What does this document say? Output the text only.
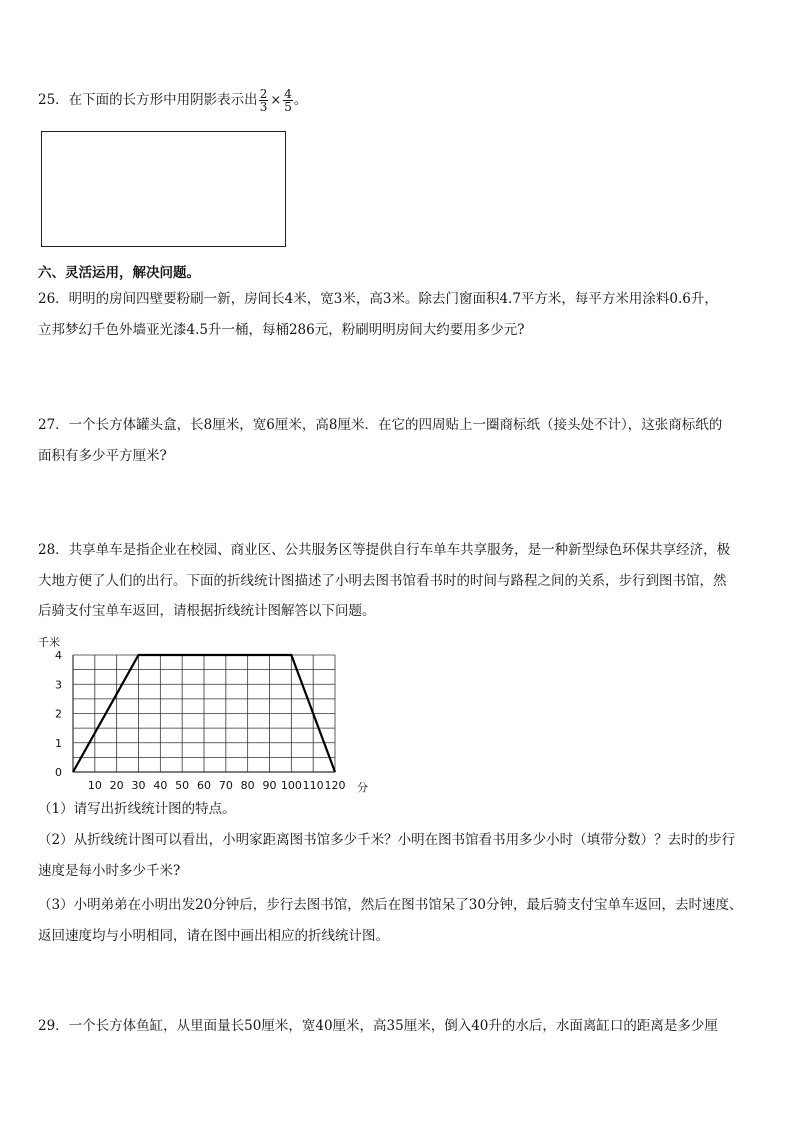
25．在下面的长方形中用阴影表示出 $\frac{2}{3} \times \frac{4}{5}$ 。
六、灵活运用，解决问题。
26．明明的房间四壁要粉刷一新，房间长4米，宽3米，高3米。除去门窗面积4.7平方米，每平方米用涂料0.6升，
立邦梦幻千色外墙亚光漆4.5升一桶，每桶286元，粉刷明明房间大约要用多少元?
27．一个长方体罐头盒，长8厘米，宽6厘米，高8厘米．在它的四周贴上一圈商标纸（接头处不计），这张商标纸的
面积有多少平方厘米?
28．共享单车是指企业在校园、商业区、公共服务区等提供自行车单车共享服务，是一种新型绿色环保共享经济，极
大地方便了人们的出行。下面的折线统计图描述了小明去图书馆看书时的时间与路程之间的关系，步行到图书馆，然
后骑支付宝单车返回，请根据折线统计图解答以下问题。
0
1
2
3
4
10 20 30 40 50 60 70 80 90 100 110 120
千米
分
（1）请写出折线统计图的特点。
（2）从折线统计图可以看出，小明家距离图书馆多少千米？小明在图书馆看书用多少小时（填带分数）？去时的步行
速度是每小时多少千米?
（3）小明弟弟在小明出发20分钟后，步行去图书馆，然后在图书馆呆了30分钟，最后骑支付宝单车返回，去时速度、
返回速度均与小明相同，请在图中画出相应的折线统计图。
29．一个长方体鱼缸，从里面量长50厘米，宽40厘米，高35厘米，倒入40升的水后，水面离缸口的距离是多少厘
